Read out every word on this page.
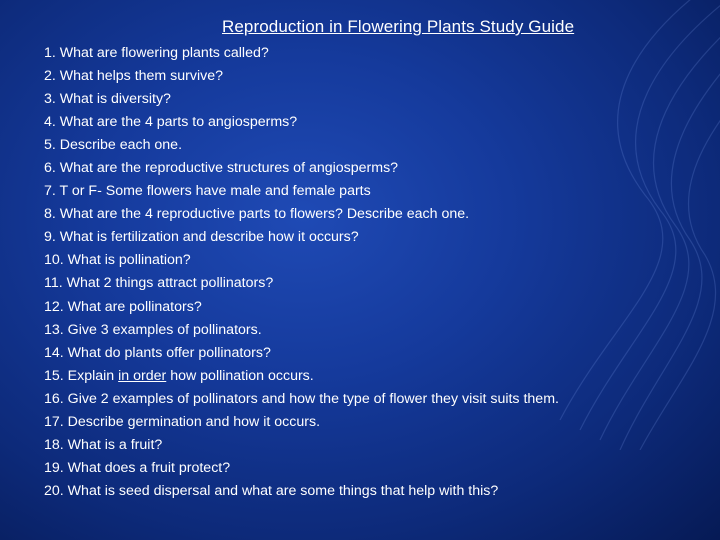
Reproduction in Flowering Plants Study Guide
1. What are flowering plants called?
2. What helps them survive?
3. What is diversity?
4. What are the 4 parts to angiosperms?
5. Describe each one.
6. What are the reproductive structures of angiosperms?
7. T or F- Some flowers have male and female parts
8. What are the 4 reproductive parts to flowers? Describe each one.
9. What is fertilization and describe how it occurs?
10. What is pollination?
11. What 2 things attract pollinators?
12. What are pollinators?
13. Give 3 examples of pollinators.
14. What do plants offer pollinators?
15. Explain in order how pollination occurs.
16. Give 2 examples of pollinators and how the type of flower they visit suits them.
17. Describe germination and how it occurs.
18. What is a fruit?
19. What does a fruit protect?
20. What is seed dispersal and what are some things that help with this?
